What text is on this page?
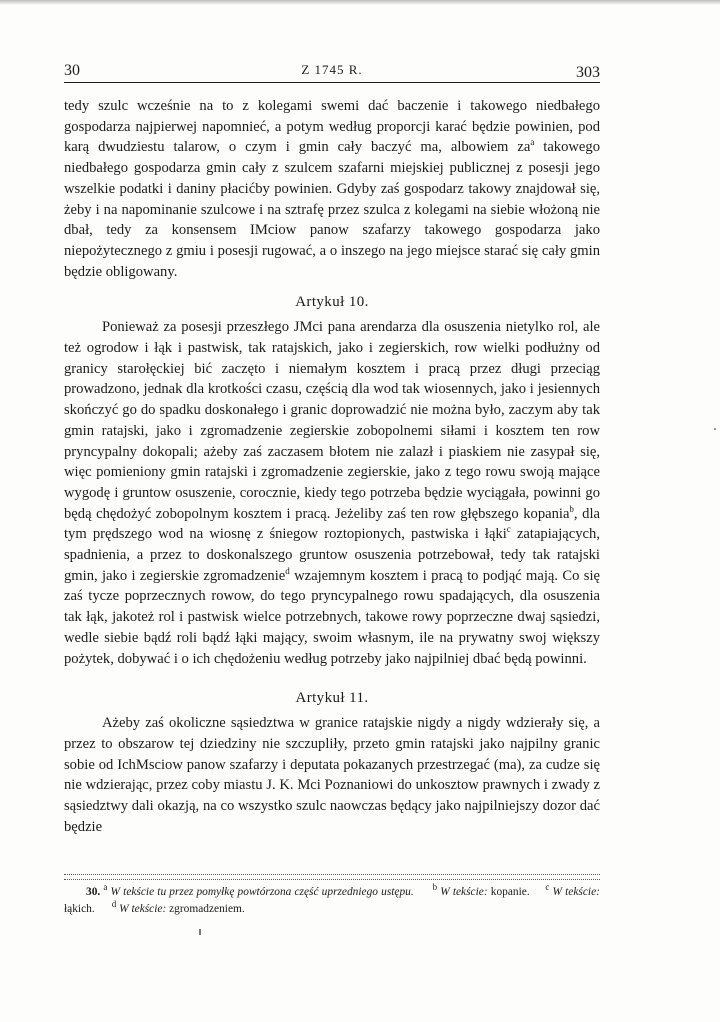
30	Z 1745 R.	303

tedy szulc wcześnie na to z kolegami swemi dać baczenie i takowego niedbałego gospodarza najpierwej napomnieć, a potym według proporcji karać będzie powinien, pod karą dwudziestu talarow, o czym i gmin cały baczyć ma, albowiem $za^a$ takowego niedbałego gospodarza gmin cały z szulcem szafarni miejskiej publicznej z posesji jego wszelkie podatki i daniny płacićby powinien. Gdyby zaś gospodarz takowy znajdował się, żeby i na napominanie szulcowe i na sztrafę przez szulca z kolegami na siebie włożoną nie dbał, tedy za konsensem IMciow panow szafarzy takowego gospodarza jako niepożytecznego z gmiu i posesji rugować, a o inszego na jego miejsce starać się cały gmin będzie obligowany.

Artykuł 10.

Ponieważ za posesji przeszłego JMci pana arendarza dla osuszenia nietylko rol, ale też ogrodow i łąk i pastwisk, tak ratajskich, jako i zegierskich, row wielki podłużny od granicy starołęckiej bić zaczęto i niemałym kosztem i pracą przez długi przeciąg prowadzono, jednak dla krotkości czasu, częścią dla wod tak wiosennych, jako i jesiennych skończyć go do spadku doskonałego i granic doprowadzić nie można było, zaczym aby tak gmin ratajski, jako i zgromadzenie zegierskie zobopolnemi siłami i kosztem ten row pryncypalny dokopali; ażeby zaś zaczasem błotem nie zalazł i piaskiem nie zasypał się, więc pomieniony gmin ratajski i zgromadzenie zegierskie, jako z tego rowu swoją mające wygodę i gruntow osuszenie, corocznie, kiedy tego potrzeba będzie wyciągała, powinni go będą chędożyć zobopolnym kosztem i pracą. Jeżeliby zaś ten row głębszego kopania$^b$, dla tym prędszego wod na wiosnę z śniegow roztopionych, pastwiska i łąki$^c$ zatapiających, spadnienia, a przez to doskonalszego gruntow osuszenia potrzebował, tedy tak ratajski gmin, jako i zegierskie zgromadzenie$^d$ wzajemnym kosztem i pracą to podjąć mają. Co się zaś tycze poprzecznych rowow, do tego pryncypalnego rowu spadających, dla osuszenia tak łąk, jakoteż rol i pastwisk wielce potrzebnych, takowe rowy poprzeczne dwaj sąsiedzi, wedle siebie bądź roli bądź łąki mający, swoim własnym, ile na prywatny swoj większy pożytek, dobywać i o ich chędożeniu według potrzeby jako najpilniej dbać będą powinni.

Artykuł 11.

Ażeby zaś okoliczne sąsiedztwa w granice ratajskie nigdy a nigdy wdzierały się, a przez to obszarow tej dziedziny nie szczupliły, przeto gmin ratajski jako najpilny granic sobie od IchMsciow panow szafarzy i deputata pokazanych przestrzegać (ma), za cudze się nie wdzierając, przez coby miastu J. K. Mci Poznaniowi do unkosztow prawnych i zwady z sąsiedztwy dali okazją, na co wszystko szulc naowczas będący jako najpilniejszy dozor dać będzie

30. $^a$ W tekście tu przez pomyłkę powtórzona część uprzedniego ustępu. $^b$ W tekście: kopanie. $^c$ W tekście: łąkich. $^d$ W tekście: zgromadzeniem.
